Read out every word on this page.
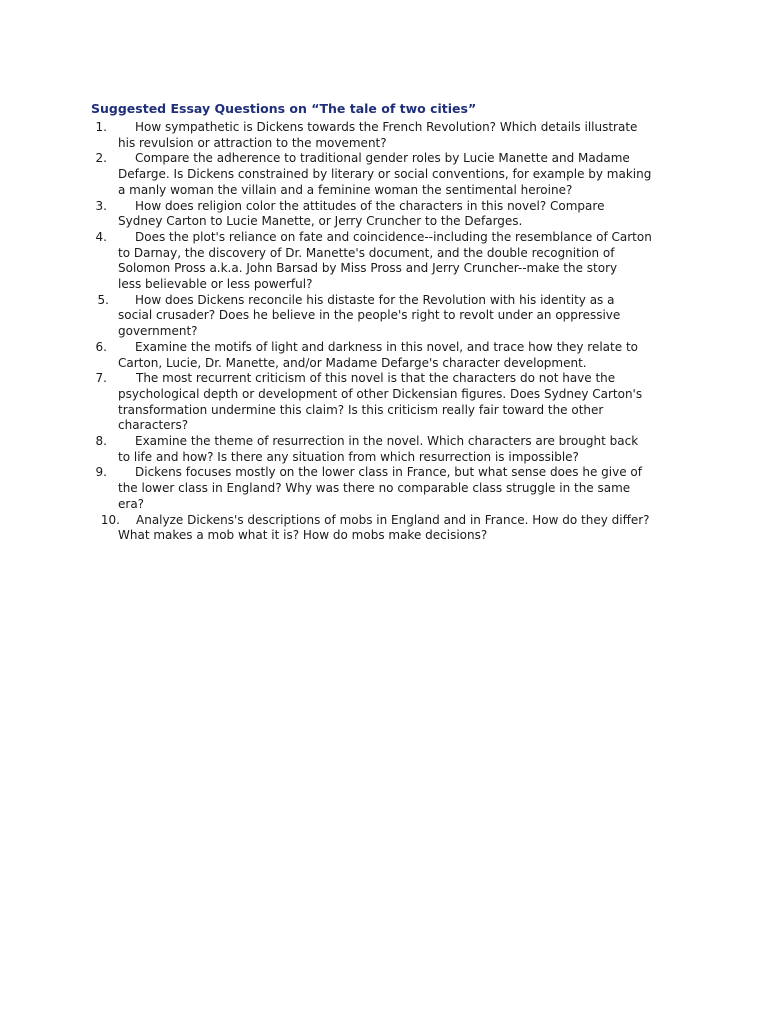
Suggested Essay Questions on “The tale of two cities”
1.	How sympathetic is Dickens towards the French Revolution? Which details illustrate
his revulsion or attraction to the movement?
2.	Compare the adherence to traditional gender roles by Lucie Manette and Madame
Defarge. Is Dickens constrained by literary or social conventions, for example by making
a manly woman the villain and a feminine woman the sentimental heroine?
3.	How does religion color the attitudes of the characters in this novel? Compare
Sydney Carton to Lucie Manette, or Jerry Cruncher to the Defarges.
4.	Does the plot's reliance on fate and coincidence--including the resemblance of Carton
to Darnay, the discovery of Dr. Manette's document, and the double recognition of
Solomon Pross a.k.a. John Barsad by Miss Pross and Jerry Cruncher--make the story
less believable or less powerful?
5.	How does Dickens reconcile his distaste for the Revolution with his identity as a
social crusader? Does he believe in the people's right to revolt under an oppressive
government?
6.	Examine the motifs of light and darkness in this novel, and trace how they relate to
Carton, Lucie, Dr. Manette, and/or Madame Defarge's character development.
7.	The most recurrent criticism of this novel is that the characters do not have the
psychological depth or development of other Dickensian figures. Does Sydney Carton's
transformation undermine this claim? Is this criticism really fair toward the other
characters?
8.	Examine the theme of resurrection in the novel. Which characters are brought back
to life and how? Is there any situation from which resurrection is impossible?
9.	Dickens focuses mostly on the lower class in France, but what sense does he give of
the lower class in England? Why was there no comparable class struggle in the same
era?
10.	Analyze Dickens's descriptions of mobs in England and in France. How do they differ?
What makes a mob what it is? How do mobs make decisions?
